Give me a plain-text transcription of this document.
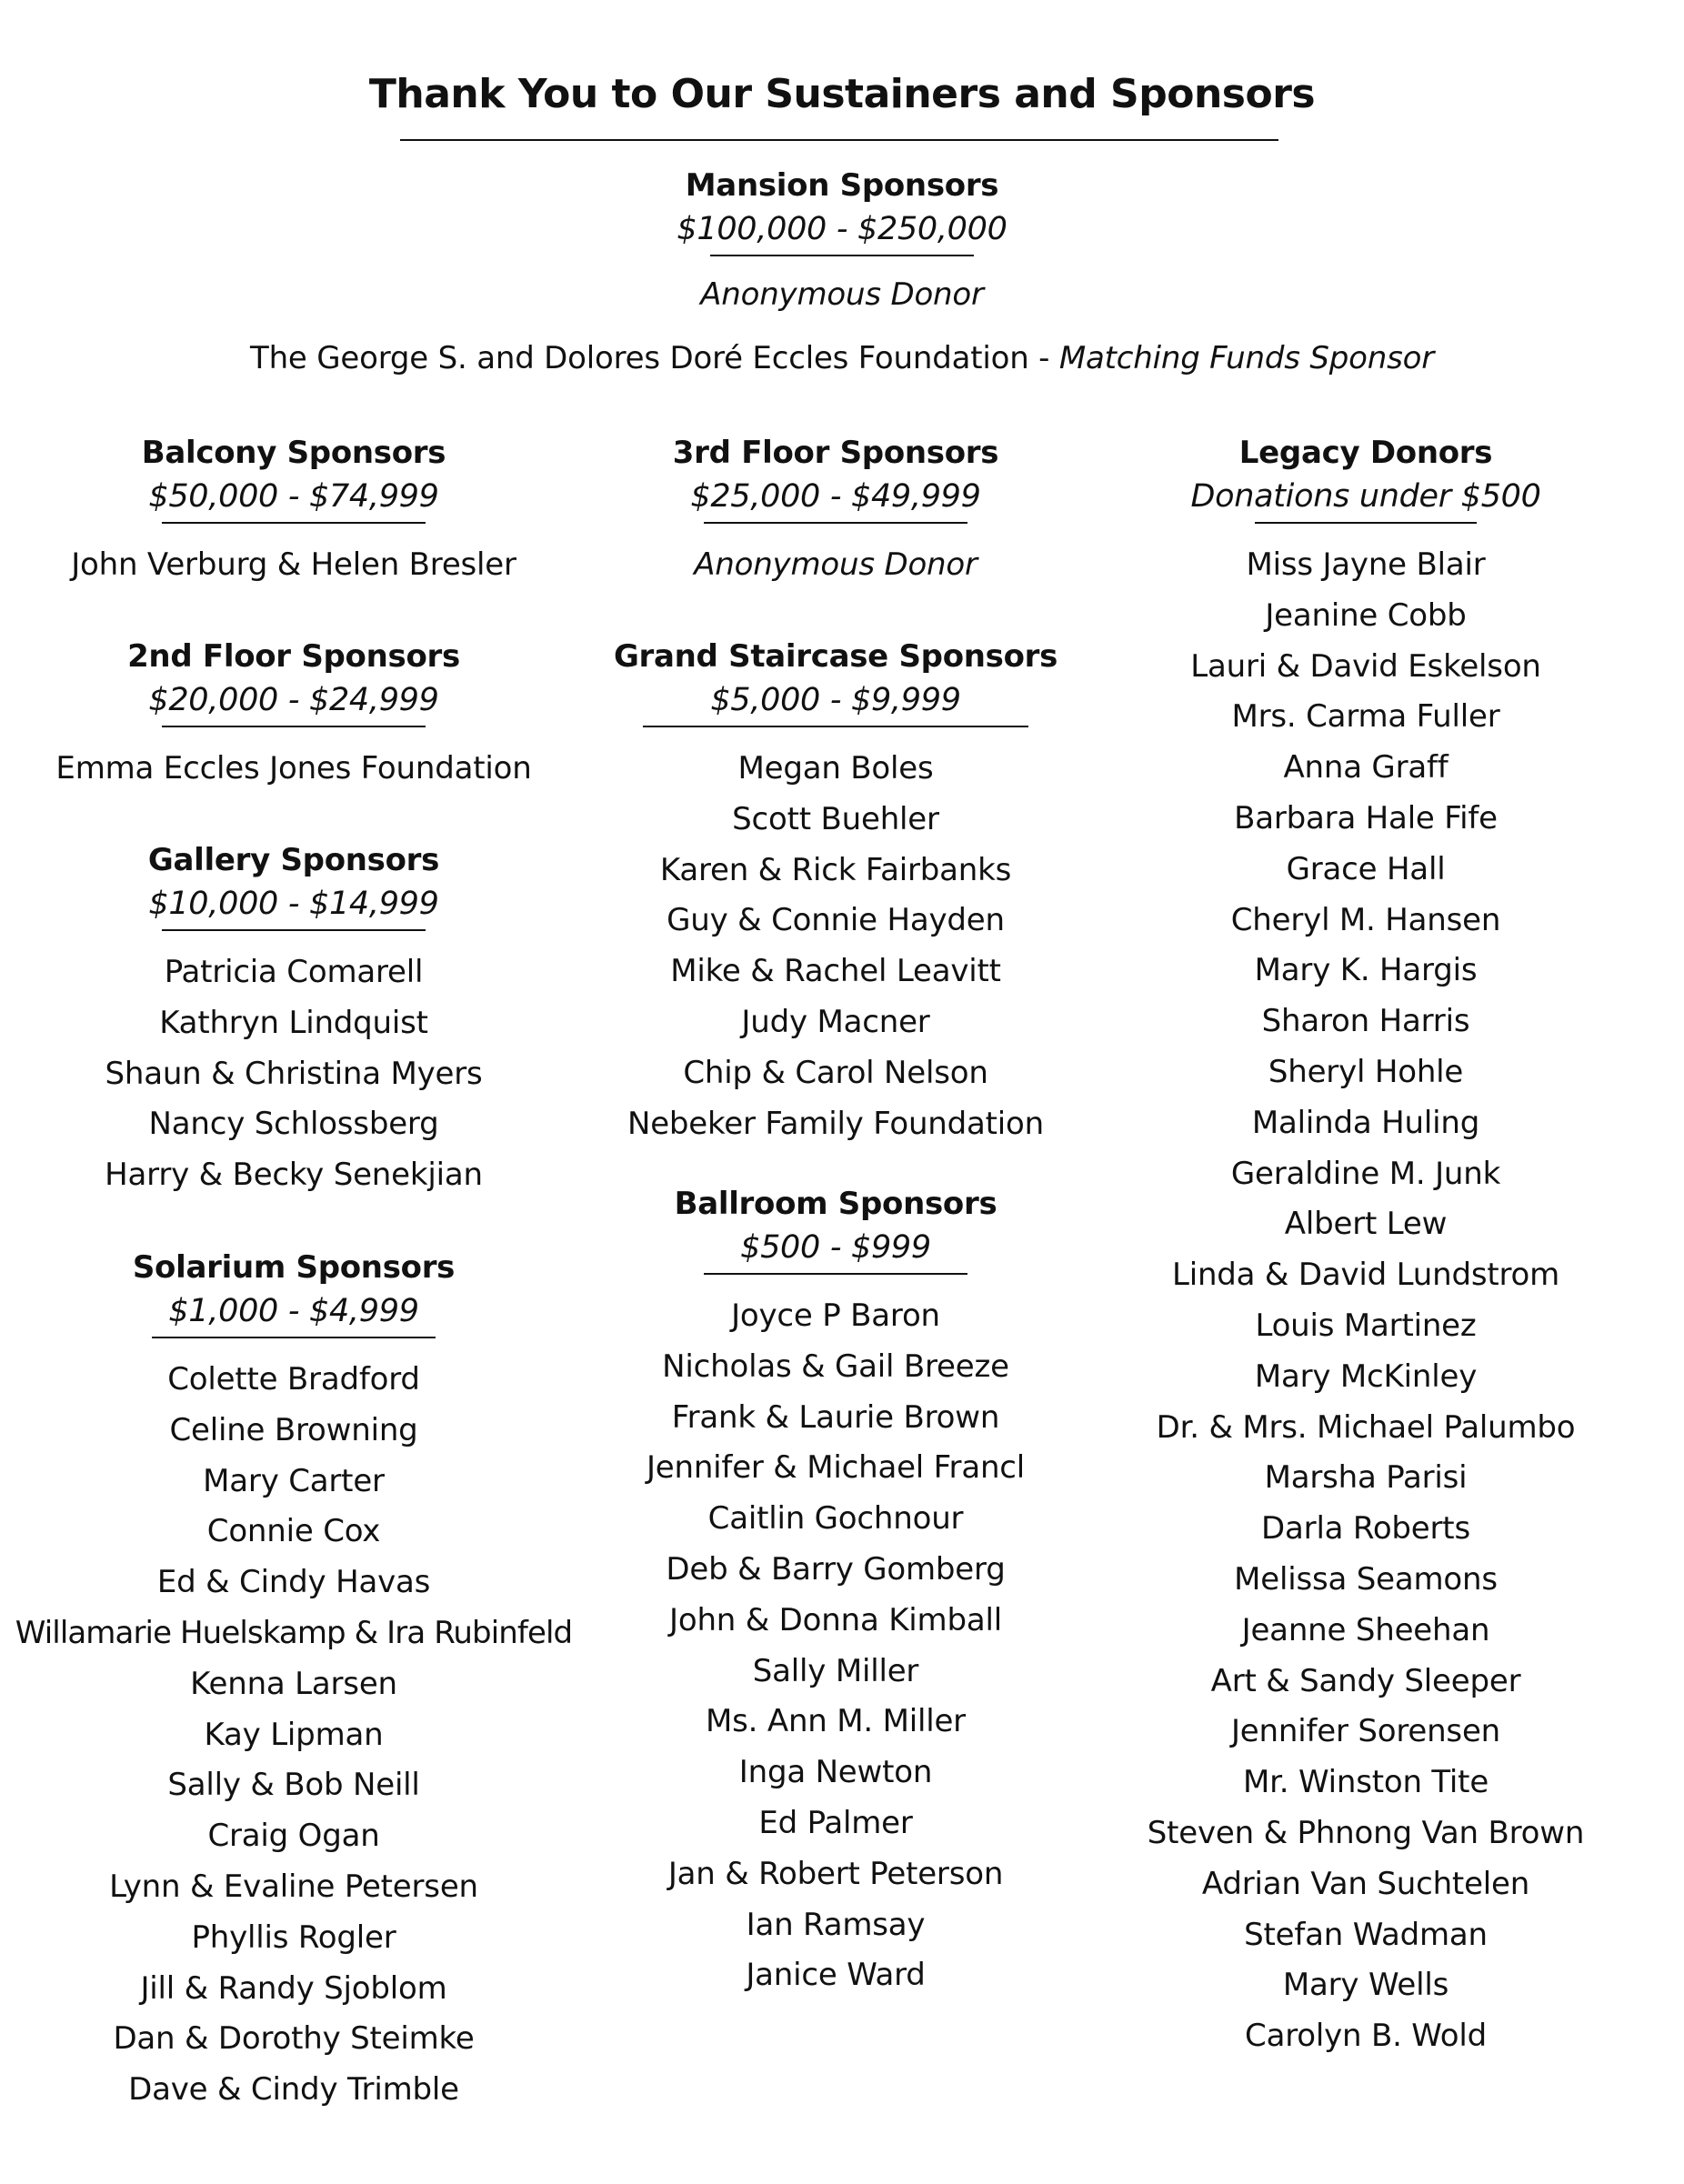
Thank You to Our Sustainers and Sponsors
Mansion Sponsors
$100,000 - $250,000
Anonymous Donor
The George S. and Dolores Doré Eccles Foundation - Matching Funds Sponsor
Balcony Sponsors
$50,000 - $74,999
John Verburg & Helen Bresler
2nd Floor Sponsors
$20,000 - $24,999
Emma Eccles Jones Foundation
Gallery Sponsors
$10,000 - $14,999
Patricia Comarell
Kathryn Lindquist
Shaun & Christina Myers
Nancy Schlossberg
Harry & Becky Senekjian
Solarium Sponsors
$1,000 - $4,999
Colette Bradford
Celine Browning
Mary Carter
Connie Cox
Ed & Cindy Havas
Willamarie Huelskamp & Ira Rubinfeld
Kenna Larsen
Kay Lipman
Sally & Bob Neill
Craig Ogan
Lynn & Evaline Petersen
Phyllis Rogler
Jill & Randy Sjoblom
Dan & Dorothy Steimke
Dave & Cindy Trimble
3rd Floor Sponsors
$25,000 - $49,999
Anonymous Donor
Grand Staircase Sponsors
$5,000 - $9,999
Megan Boles
Scott Buehler
Karen & Rick Fairbanks
Guy & Connie Hayden
Mike & Rachel Leavitt
Judy Macner
Chip & Carol Nelson
Nebeker Family Foundation
Ballroom Sponsors
$500 - $999
Joyce P Baron
Nicholas & Gail Breeze
Frank & Laurie Brown
Jennifer & Michael Francl
Caitlin Gochnour
Deb & Barry Gomberg
John & Donna Kimball
Sally Miller
Ms. Ann M. Miller
Inga Newton
Ed Palmer
Jan & Robert Peterson
Ian Ramsay
Janice Ward
Legacy Donors
Donations under $500
Miss Jayne Blair
Jeanine Cobb
Lauri & David Eskelson
Mrs. Carma Fuller
Anna Graff
Barbara Hale Fife
Grace Hall
Cheryl M. Hansen
Mary K. Hargis
Sharon Harris
Sheryl Hohle
Malinda Huling
Geraldine M. Junk
Albert Lew
Linda & David Lundstrom
Louis Martinez
Mary McKinley
Dr. & Mrs. Michael Palumbo
Marsha Parisi
Darla Roberts
Melissa Seamons
Jeanne Sheehan
Art & Sandy Sleeper
Jennifer Sorensen
Mr. Winston Tite
Steven & Phnong Van Brown
Adrian Van Suchtelen
Stefan Wadman
Mary Wells
Carolyn B. Wold
